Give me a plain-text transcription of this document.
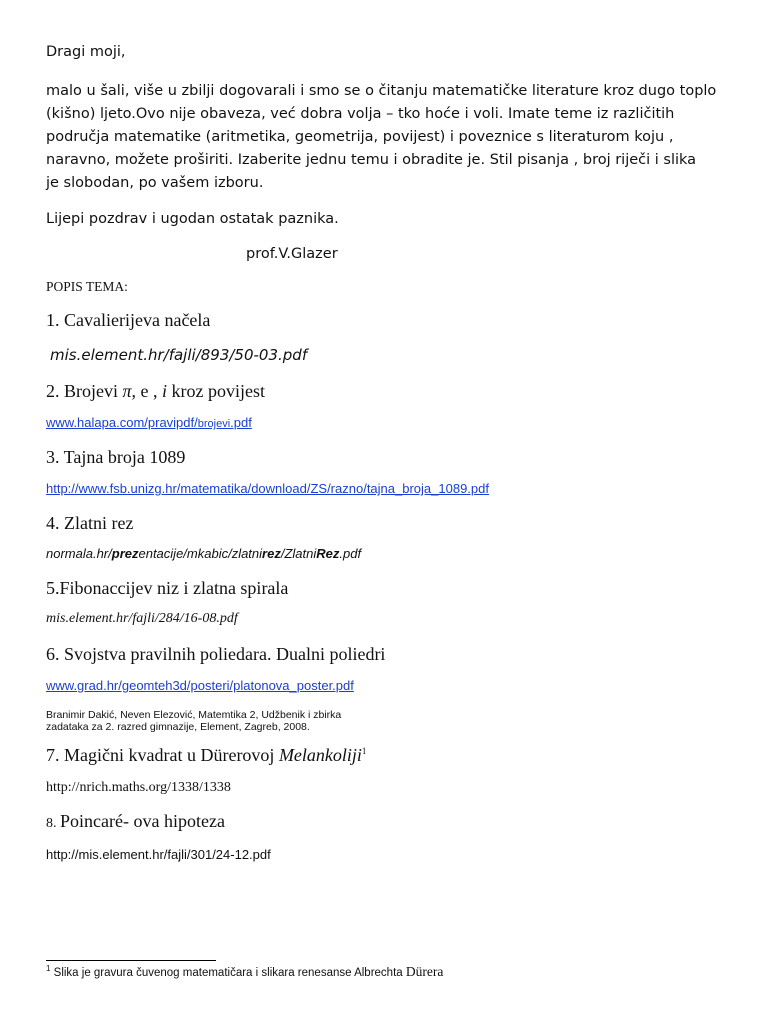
Dragi moji,
malo u šali, više u zbilji dogovarali i smo se o čitanju matematičke literature kroz dugo toplo
(kišno) ljeto.Ovo nije obaveza, već dobra volja – tko hoće i voli. Imate teme iz različitih
područja matematike (aritmetika, geometrija, povijest) i poveznice s literaturom koju ,
naravno, možete proširiti. Izaberite jednu temu i obradite je. Stil pisanja , broj riječi i slika
je slobodan, po vašem izboru.
Lijepi pozdrav i ugodan ostatak paznika.
prof.V.Glazer
POPIS TEMA:
1. Cavalierijeva načela
mis.element.hr/fajli/893/50-03.pdf
2. Brojevi π, e , i kroz povijest
www.halapa.com/pravipdf/brojevi.pdf
3. Tajna broja 1089
http://www.fsb.unizg.hr/matematika/download/ZS/razno/tajna_broja_1089.pdf
4. Zlatni rez
normala.hr/prezentacije/mkabic/zlatnirez/ZlatniRez.pdf
5.Fibonaccijev niz i zlatna spirala
mis.element.hr/fajli/284/16-08.pdf
6. Svojstva pravilnih poliedara. Dualni poliedri
www.grad.hr/geomteh3d/posteri/platonova_poster.pdf
Branimir Dakić, Neven Elezović, Matemtika 2, Udžbenik i zbirka
zadataka za 2. razred gimnazije, Element, Zagreb, 2008.
7. Magični kvadrat u Dürerovoj Melankoliji$^1$
http://nrich.maths.org/1338/1338
8. Poincaré- ova hipoteza
http://mis.element.hr/fajli/301/24-12.pdf
$^1$ Slika je gravura čuvenog matematičara i slikara renesanse Albrechta Dürera
